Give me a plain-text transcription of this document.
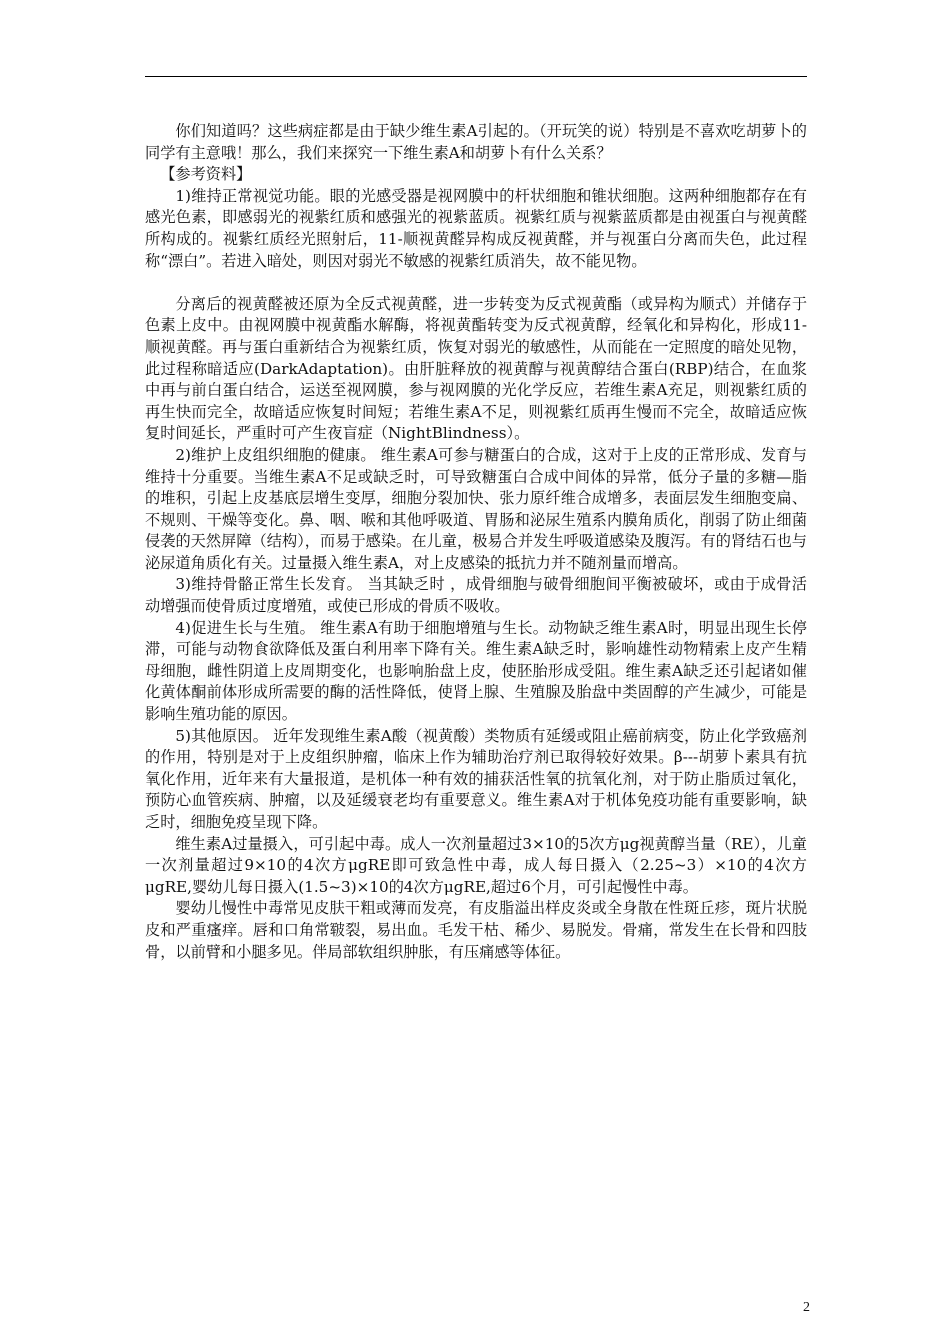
你们知道吗？这些病症都是由于缺少维生素A引起的。（开玩笑的说）特别是不喜欢吃胡萝卜的同学有主意哦！那么，我们来探究一下维生素A和胡萝卜有什么关系？

【参考资料】

1)维持正常视觉功能。眼的光感受器是视网膜中的杆状细胞和锥状细胞。这两种细胞都存在有感光色素，即感弱光的视紫红质和感强光的视紫蓝质。视紫红质与视紫蓝质都是由视蛋白与视黄醛所构成的。视紫红质经光照射后，11-顺视黄醛异构成反视黄醛，并与视蛋白分离而失色，此过程称“漂白”。若进入暗处，则因对弱光不敏感的视紫红质消失，故不能见物。

分离后的视黄醛被还原为全反式视黄醛，进一步转变为反式视黄酯（或异构为顺式）并储存于色素上皮中。由视网膜中视黄酯水解酶，将视黄酯转变为反式视黄醇，经氧化和异构化，形成11-顺视黄醛。再与蛋白重新结合为视紫红质，恢复对弱光的敏感性，从而能在一定照度的暗处见物，此过程称暗适应(DarkAdaptation)。由肝脏释放的视黄醇与视黄醇结合蛋白(RBP)结合，在血浆中再与前白蛋白结合，运送至视网膜，参与视网膜的光化学反应，若维生素A充足，则视紫红质的再生快而完全，故暗适应恢复时间短；若维生素A不足，则视紫红质再生慢而不完全，故暗适应恢复时间延长，严重时可产生夜盲症（NightBlindness）。

2)维护上皮组织细胞的健康。 维生素A可参与糖蛋白的合成，这对于上皮的正常形成、发育与维持十分重要。当维生素A不足或缺乏时，可导致糖蛋白合成中间体的异常，低分子量的多糖—脂的堆积，引起上皮基底层增生变厚，细胞分裂加快、张力原纤维合成增多，表面层发生细胞变扁、不规则、干燥等变化。鼻、咽、喉和其他呼吸道、胃肠和泌尿生殖系内膜角质化，削弱了防止细菌侵袭的天然屏障（结构），而易于感染。在儿童，极易合并发生呼吸道感染及腹泻。有的肾结石也与泌尿道角质化有关。过量摄入维生素A，对上皮感染的抵抗力并不随剂量而增高。

3)维持骨骼正常生长发育。 当其缺乏时 ，成骨细胞与破骨细胞间平衡被破坏，或由于成骨活动增强而使骨质过度增殖，或使已形成的骨质不吸收。

4)促进生长与生殖。 维生素A有助于细胞增殖与生长。动物缺乏维生素A时，明显出现生长停滞，可能与动物食欲降低及蛋白利用率下降有关。维生素A缺乏时，影响雄性动物精索上皮产生精母细胞，雌性阴道上皮周期变化，也影响胎盘上皮，使胚胎形成受阻。维生素A缺乏还引起诸如催化黄体酮前体形成所需要的酶的活性降低，使肾上腺、生殖腺及胎盘中类固醇的产生减少，可能是影响生殖功能的原因。

5)其他原因。 近年发现维生素A酸（视黄酸）类物质有延缓或阻止癌前病变，防止化学致癌剂的作用，特别是对于上皮组织肿瘤，临床上作为辅助治疗剂已取得较好效果。β---胡萝卜素具有抗氧化作用，近年来有大量报道，是机体一种有效的捕获活性氧的抗氧化剂，对于防止脂质过氧化，预防心血管疾病、肿瘤，以及延缓衰老均有重要意义。维生素A对于机体免疫功能有重要影响，缺乏时，细胞免疫呈现下降。

维生素A过量摄入，可引起中毒。成人一次剂量超过3×10的5次方μg视黄醇当量（RE），儿童一次剂量超过9×10的4次方μgRE即可致急性中毒，成人每日摄入（2.25~3）×10的4次方μgRE,婴幼儿每日摄入(1.5~3)×10的4次方μgRE,超过6个月，可引起慢性中毒。

婴幼儿慢性中毒常见皮肤干粗或薄而发亮，有皮脂溢出样皮炎或全身散在性斑丘疹，斑片状脱皮和严重瘙痒。唇和口角常皲裂，易出血。毛发干枯、稀少、易脱发。骨痛，常发生在长骨和四肢骨，以前臂和小腿多见。伴局部软组织肿胀，有压痛感等体征。

2
